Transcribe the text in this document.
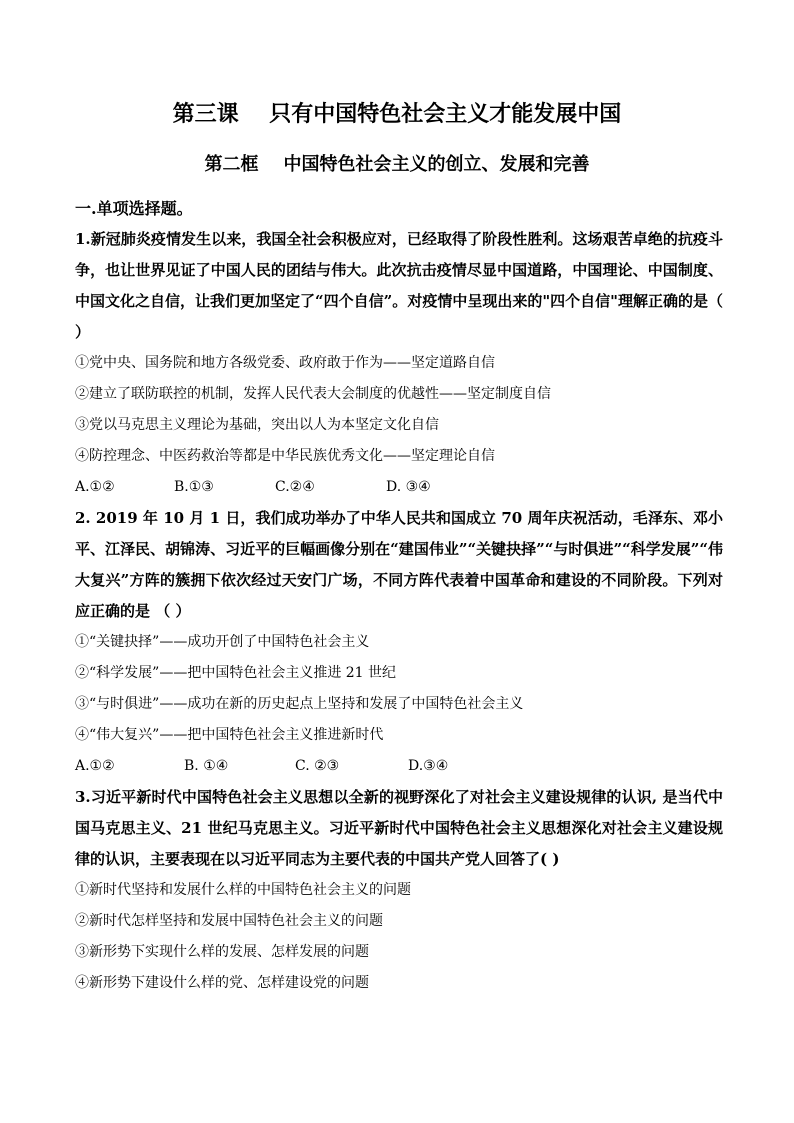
第三课    只有中国特色社会主义才能发展中国
第二框    中国特色社会主义的创立、发展和完善
一.单项选择题。

1.新冠肺炎疫情发生以来，我国全社会积极应对，已经取得了阶段性胜利。这场艰苦卓绝的抗疫斗争，也让世界见证了中国人民的团结与伟大。此次抗击疫情尽显中国道路，中国理论、中国制度、中国文化之自信，让我们更加坚定了“四个自信”。对疫情中呈现出来的"四个自信"理解正确的是（ ）

①党中央、国务院和地方各级党委、政府敢于作为——坚定道路自信

②建立了联防联控的机制，发挥人民代表大会制度的优越性——坚定制度自信

③党以马克思主义理论为基础，突出以人为本坚定文化自信

④防控理念、中医药救治等都是中华民族优秀文化——坚定理论自信

A.①②	B.①③	C.②④	D. ③④

2. 2019 年 10 月 1 日，我们成功举办了中华人民共和国成立 70 周年庆祝活动，毛泽东、邓小平、江泽民、胡锦涛、习近平的巨幅画像分别在“建国伟业”“关键抉择”“与时俱进”“科学发展”“伟大复兴”方阵的簇拥下依次经过天安门广场，不同方阵代表着中国革命和建设的不同阶段。下列对应正确的是 （ ）

①“关键抉择”——成功开创了中国特色社会主义

②“科学发展”——把中国特色社会主义推进 21 世纪

③“与时俱进”——成功在新的历史起点上坚持和发展了中国特色社会主义

④“伟大复兴”——把中国特色社会主义推进新时代

A.①②	B. ①④	C. ②③	D.③④

3.习近平新时代中国特色社会主义思想以全新的视野深化了对社会主义建设规律的认识, 是当代中国马克思主义、21 世纪马克思主义。习近平新时代中国特色社会主义思想深化对社会主义建设规律的认识，主要表现在以习近平同志为主要代表的中国共产党人回答了( )

①新时代坚持和发展什么样的中国特色社会主义的问题

②新时代怎样坚持和发展中国特色社会主义的问题

③新形势下实现什么样的发展、怎样发展的问题

④新形势下建设什么样的党、怎样建设党的问题
